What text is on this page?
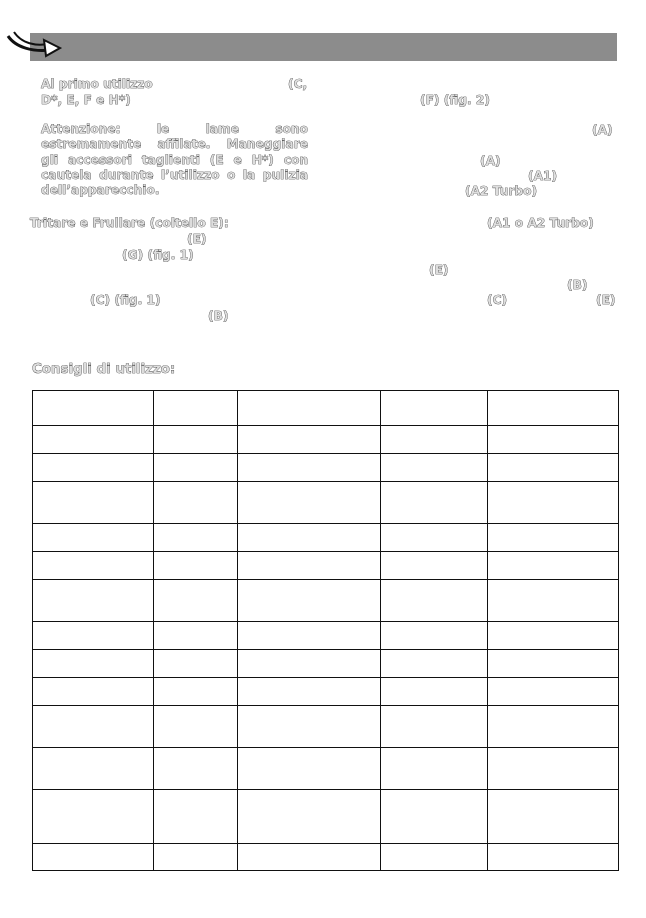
Al primo utilizzo	(C,

D*, E, F e H*)

Attenzione: le lame sono

estremamente affilate. Maneggiare

gli accessori taglienti (E e H*) con

cautela durante l’utilizzo o la pulizia

dell’apparecchio.

Tritare e Frullare (coltello E):

(E)

(G) (fig. 1)

(C) (fig. 1)

(B)

(F) (fig. 2)

(A)

(A)

(A1)

(A2 Turbo)

(A1 o A2 Turbo)

(E)

(B)

(C)	(E)

Consigli di utilizzo:
